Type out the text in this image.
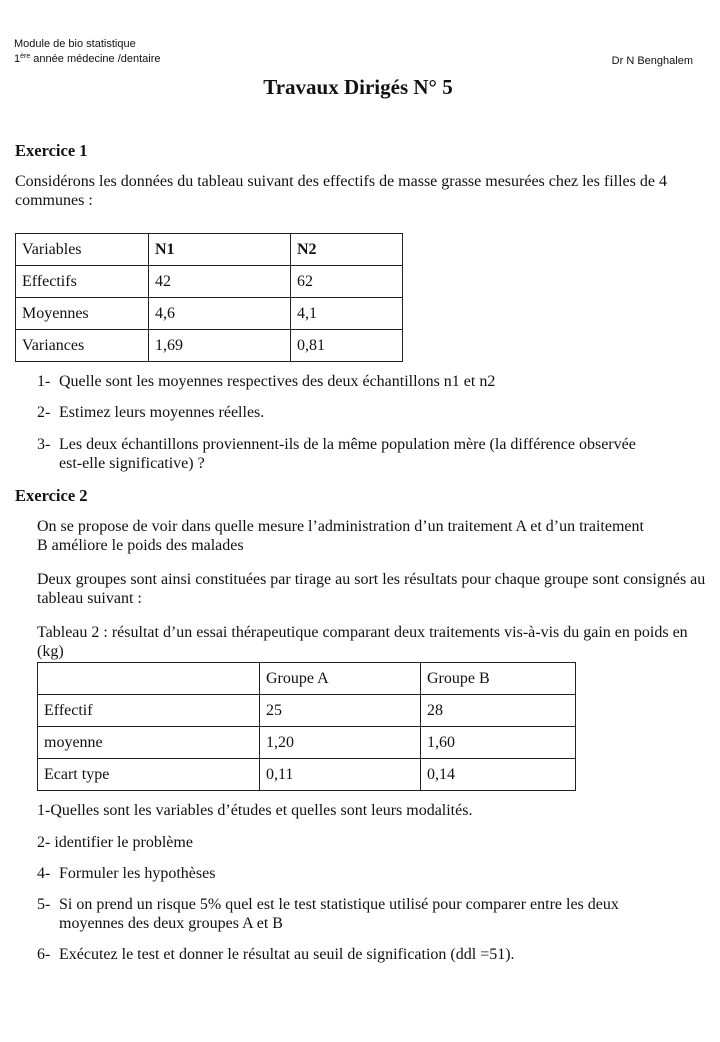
Module de bio statistique
1ère année médecine /dentaire	Dr N Benghalem
Travaux Dirigés N° 5
Exercice 1
Considérons les données du tableau suivant des effectifs de masse grasse mesurées chez les filles de 4 communes :
Variables	N1	N2
Effectifs	42	62
Moyennes	4,6	4,1
Variances	1,69	0,81
1- Quelle sont les moyennes respectives des deux échantillons n1 et n2
2- Estimez leurs moyennes réelles.
3- Les deux échantillons proviennent-ils de la même population mère (la différence observée est-elle significative) ?
Exercice 2
On se propose de voir dans quelle mesure l’administration d’un traitement A et d’un traitement B améliore le poids des malades
Deux groupes sont ainsi constituées par tirage au sort les résultats pour chaque groupe sont consignés au tableau suivant :
Tableau 2 : résultat d’un essai thérapeutique comparant deux traitements vis-à-vis du gain en poids en (kg)
	Groupe A	Groupe B
Effectif	25	28
moyenne	1,20	1,60
Ecart type	0,11	0,14
1-Quelles sont les variables d’études et quelles sont leurs modalités.
2- identifier le problème
4- Formuler les hypothèses
5- Si on prend un risque 5% quel est le test statistique utilisé pour comparer entre les deux moyennes des deux groupes A et B
6- Exécutez le test et donner le résultat au seuil de signification (ddl =51).
